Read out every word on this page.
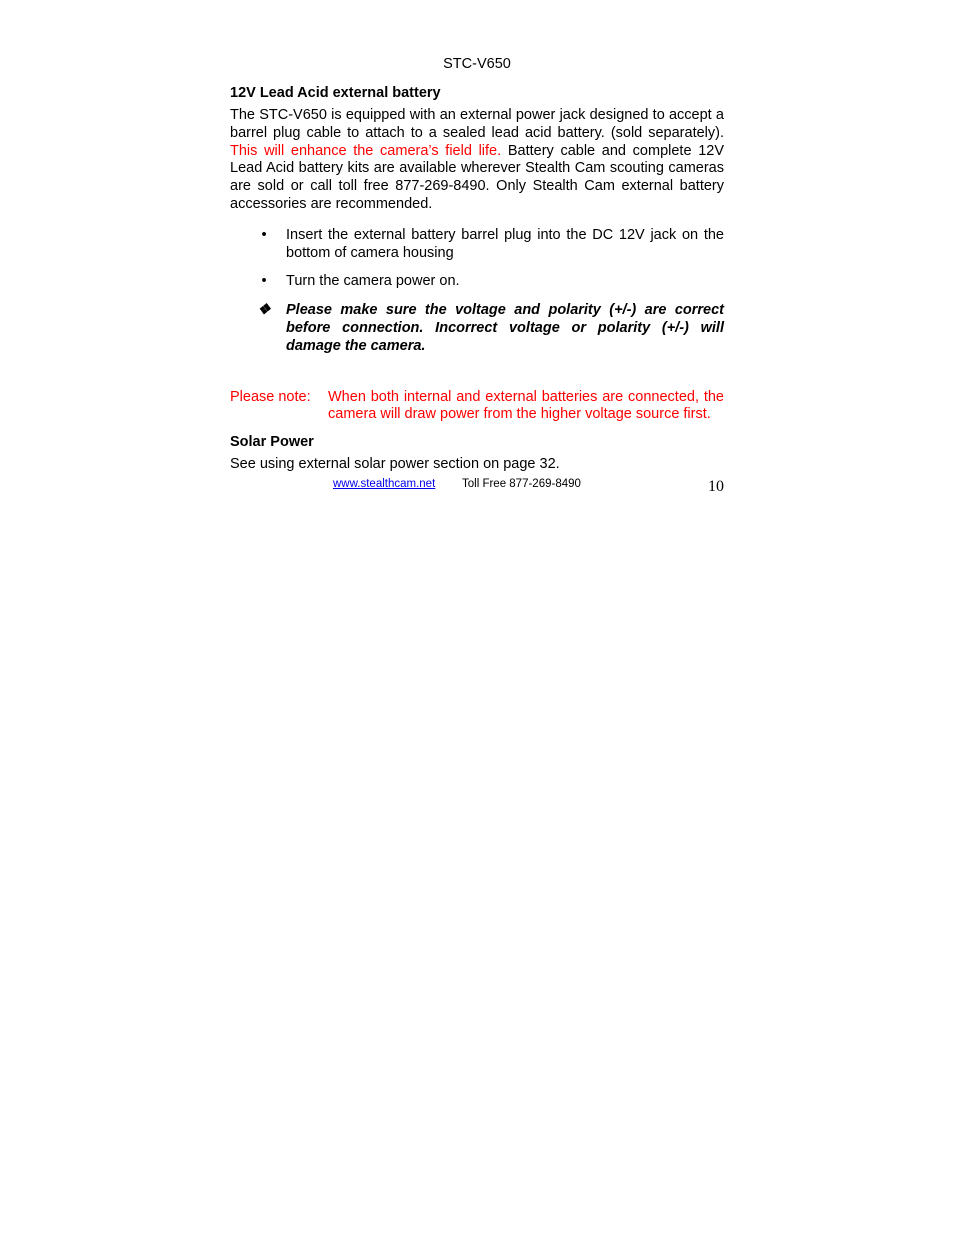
STC-V650
12V Lead Acid external battery

The STC-V650 is equipped with an external power jack designed to accept a barrel plug cable to attach to a sealed lead acid battery. (sold separately). This will enhance the camera’s field life. Battery cable and complete 12V Lead Acid battery kits are available wherever Stealth Cam scouting cameras are sold or call toll free 877-269-8490. Only Stealth Cam external battery accessories are recommended.

•	Insert the external battery barrel plug into the DC 12V jack on the bottom of camera housing
•	Turn the camera power on.
❖ Please make sure the voltage and polarity (+/-) are correct before connection. Incorrect voltage or polarity (+/-) will damage the camera.
Please note:	When both internal and external batteries are connected, the camera will draw power from the higher voltage source first.
Solar Power

See using external solar power section on page 32.

www.stealthcam.net Toll Free 877-269-8490	10
